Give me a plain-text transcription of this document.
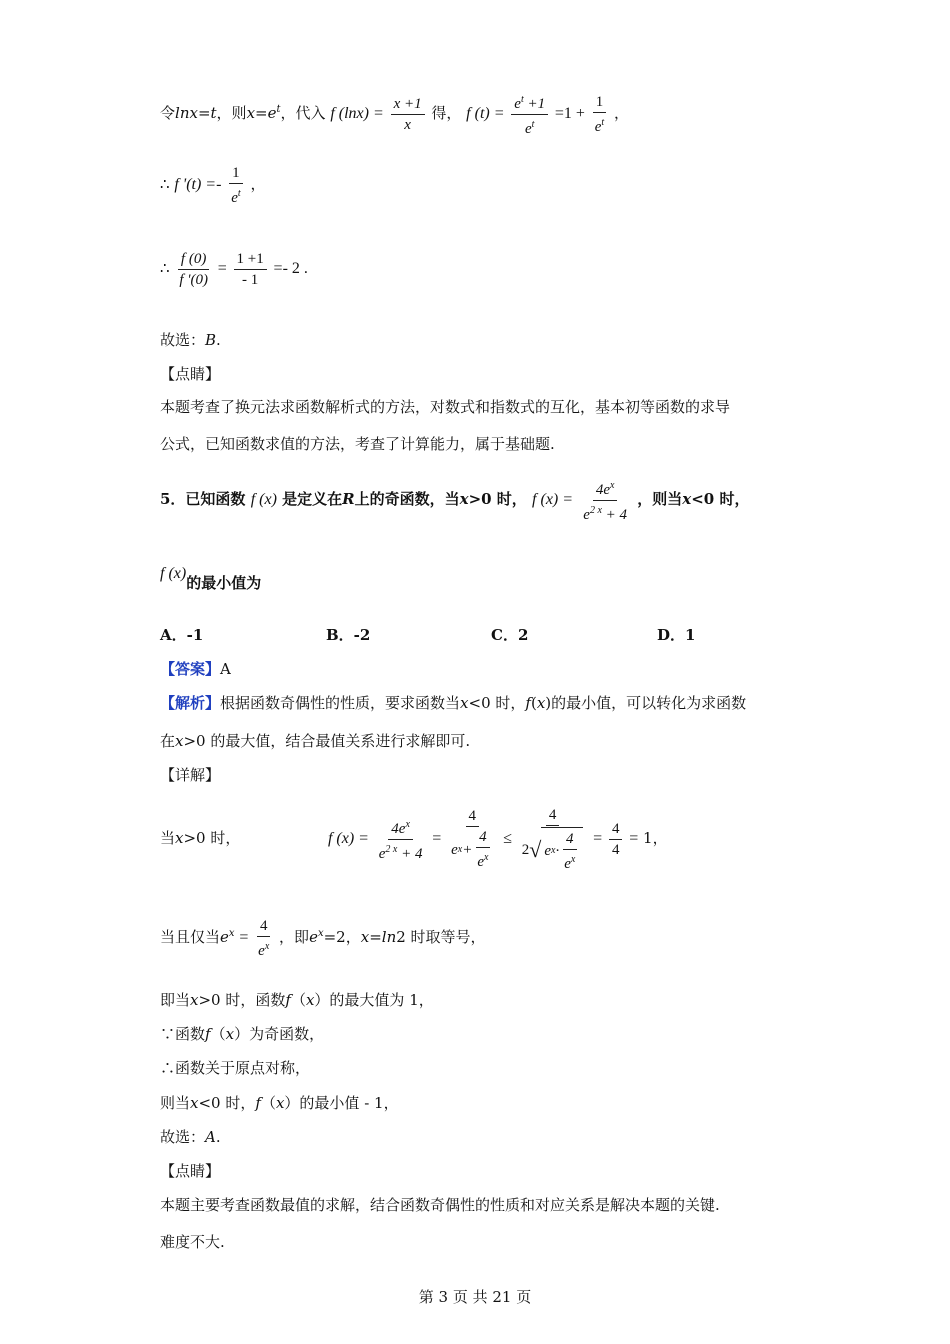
令lnx=t，则$x=e^t$，代入 f $(\ln x) = \frac{x +1}{x}$ 得， f $(t) = \frac{e^t +1}{e^t} =1 + \frac{1}{e^t}$ ，
∴ f '$(t) =- \frac{1}{e^t}$ ，
∴ $\frac{f (0)}{f '(0)} = \frac{1 +1}{- 1} =- 2$ .
故选：B.
【点睛】
本题考查了换元法求函数解析式的方法，对数式和指数式的互化，基本初等函数的求导
公式，已知函数求值的方法，考查了计算能力，属于基础题.
5．已知函数 f (x) 是定义在R上的奇函数，当x>0 时， f $(x) = \frac{4e^x}{e^{2 x} + 4}$ ，则当x<0 时，
f (x)的最小值为
A．-1	B．-2	C．2	D．1
【答案】A
【解析】根据函数奇偶性的性质，要求函数当x<0 时，f(x)的最小值，可以转化为求函数
在x>0 的最大值，结合最值关系进行求解即可.
【详解】
当x>0 时，	f $(x) = \frac{4e^x}{e^{2 x} + 4} = \frac{4}{e x + \frac{4}{e^x}} \le \frac{4}{2 √ e x \cdot \frac{4}{e^x}} = \frac{4}{4} = 1$，
当且仅当$e^x = \frac{4}{e^x}$ ，即$e^x=2$，x=ln2 时取等号，
即当x>0 时，函数f（x）的最大值为 1，
∵函数f（x）为奇函数，
∴函数关于原点对称，
则当x<0 时，f（x）的最小值 ‐ 1，
故选：A.
【点睛】
本题主要考查函数最值的求解，结合函数奇偶性的性质和对应关系是解决本题的关键.
难度不大.
第 3 页 共 21 页
